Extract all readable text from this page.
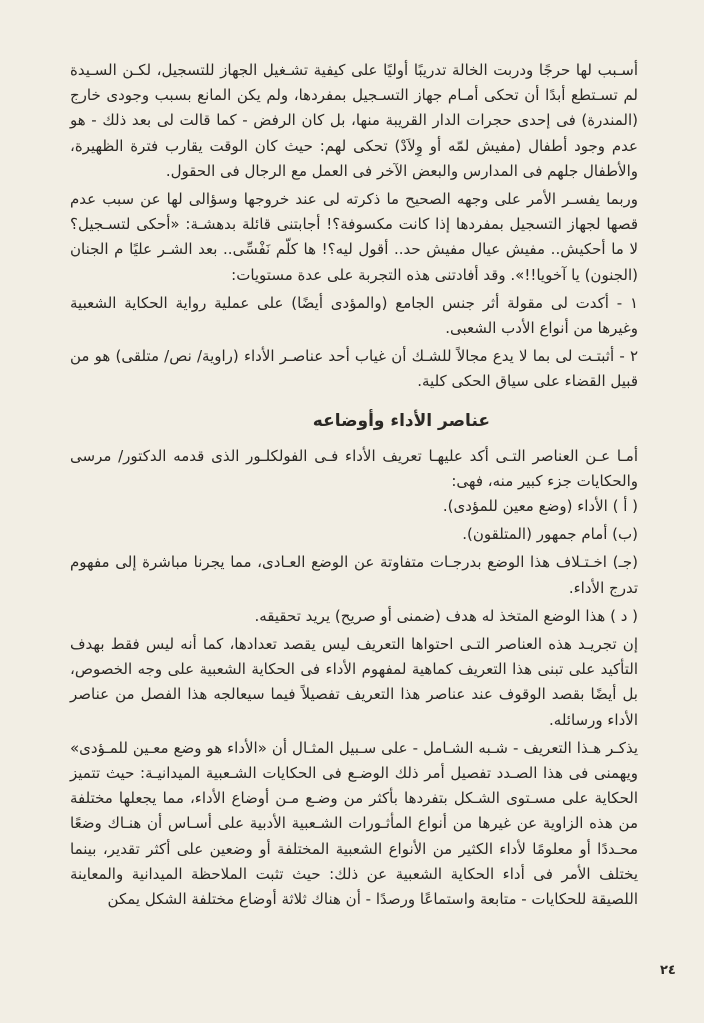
أسـبب لها حرجًا ودربت الخالة تدريبًا أوليًا على كيفية تشـغيل الجهاز للتسجيل، لكـن السـيدة لم تسـتطع أبدًا أن تحكى أمـام جهاز التسـجيل بمفردها، ولم يكن المانع بسبب وجودى خارج (المندرة) فى إحدى حجرات الدار القريبة منها، بل كان الرفض - كما قالت لى بعد ذلك - هو عدم وجود أطفال (مفيش لمّه أو وِلاَدْ) تحكى لهم: حيث كان الوقت يقارب فترة الظهيرة، والأطفال جلهم فى المدارس والبعض الآخر فى العمل مع الرجال فى الحقول.

وربما يفسـر الأمر على وجهه الصحيح ما ذكرته لى عند خروجها وسؤالى لها عن سبب عدم قصها لجهاز التسجيل بمفردها إذا كانت مكسوفة؟! أجابتنى قائلة بدهشـة: «أحكى لتسـجيل؟ لا ما أحكيش.. مفيش عيال مفيش حد.. أقول ليه؟! ها كلّم نَفْسِّى.. بعد الشـر عليًا م الجنان (الجنون) يا آخويا!!». وقد أفادتنى هذه التجربة على عدة مستويات:

١ - أكدت لى مقولة أثر جنس الجامع (والمؤدى أيضًا) على عملية رواية الحكاية الشعبية وغيرها من أنواع الأدب الشعبى.

٢ - أثبتـت لى بما لا يدع مجالاً للشـك أن غياب أحد عناصـر الأداء (راوية/ نص/ متلقى) هو من قبيل القضاء على سياق الحكى كلية.

عناصر الأداء وأوضاعه

أمـا عـن العناصر التـى أكد عليهـا تعريف الأداء فـى الفولكلـور الذى قدمه الدكتور/ مرسى والحكايات جزء كبير منه، فهى:

( أ ) الأداء (وضع معين للمؤدى).

(ب) أمام جمهور (المتلقون).

(جـ) اخـتـلاف هذا الوضع بدرجـات متفاوتة عن الوضع العـادى، مما يجرنا مباشرة إلى مفهوم تدرج الأداء.

( د ) هذا الوضع المتخذ له هدف (ضمنى أو صريح) يريد تحقيقه.

إن تجريـد هذه العناصر التـى احتواها التعريف ليس يقصد تعدادها، كما أنه ليس فقط بهدف التأكيد على تبنى هذا التعريف كماهية لمفهوم الأداء فى الحكاية الشعبية على وجه الخصوص، بل أيضًا بقصد الوقوف عند عناصر هذا التعريف تفصيلاً فيما سيعالجه هذا الفصل من عناصر الأداء ورسائله.

يذكـر هـذا التعريف - شـبه الشـامل - على سـبيل المثـال أن «الأداء هو وضع معـين للمـؤدى» ويهمنى فى هذا الصـدد تفصيل أمر ذلك الوضـع فى الحكايات الشـعبية الميدانيـة: حيث تتميز الحكاية على مسـتوى الشـكل بتفردها بأكثر من وضـع مـن أوضاع الأداء، مما يجعلها مختلفة من هذه الزاوية عن غيرها من أنواع المأثـورات الشـعبية الأدبية على أسـاس أن هنـاك وضعًا محـددًا أو معلومًا لأداء الكثير من الأنواع الشعبية المختلفة أو وضعين على أكثر تقدير، بينما يختلف الأمر فى أداء الحكاية الشعبية عن ذلك: حيث تثبت الملاحظة الميدانية والمعاينة اللصيقة للحكايات - متابعة واستماعًا ورصدًا - أن هناك ثلاثة أوضاع مختلفة الشكل يمكن

٢٤
